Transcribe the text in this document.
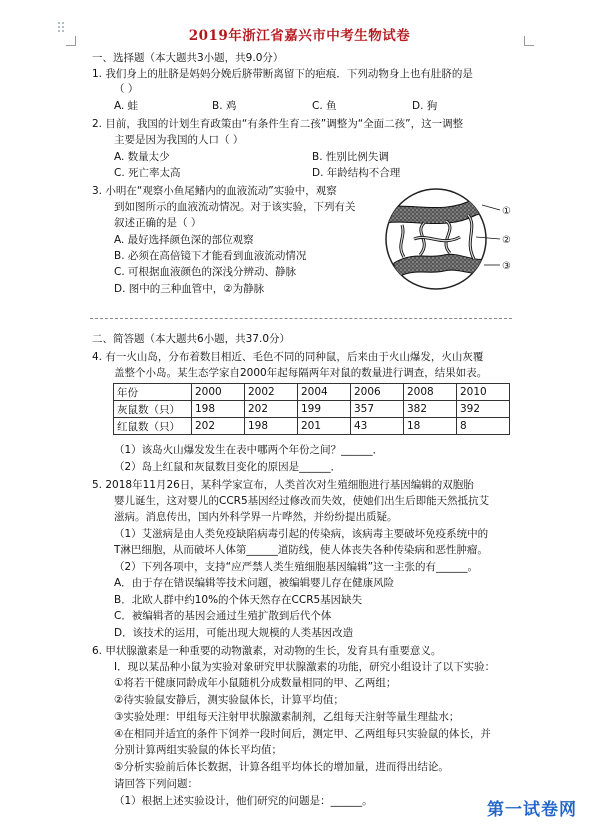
2019年浙江省嘉兴市中考生物试卷
一、选择题（本大题共3小题，共9.0分）
1. 我们身上的肚脐是妈妈分娩后脐带断离留下的疤痕．下列动物身上也有肚脐的是
（ ）
A. 蛙	B. 鸡	C. 鱼	D. 狗
2. 目前，我国的计划生育政策由“有条件生育二孩”调整为“全面二孩”，这一调整
主要是因为我国的人口（ ）
A. 数量太少	B. 性别比例失调
C. 死亡率太高	D. 年龄结构不合理
3. 小明在“观察小鱼尾鳍内的血液流动”实验中，观察
到如图所示的血液流动情况。对于该实验，下列有关
叙述正确的是（ ）
A. 最好选择颜色深的部位观察
B. 必须在高倍镜下才能看到血液流动情况
C. 可根据血液颜色的深浅分辨动、静脉
D. 图中的三种血管中，②为静脉
①
②
③
二、简答题（本大题共6小题，共37.0分）
4. 有一火山岛，分布着数目相近、毛色不同的同种鼠，后来由于火山爆发，火山灰覆
盖整个小岛。某生态学家自2000年起每隔两年对鼠的数量进行调查，结果如表。
年份	2000	2002	2004	2006	2008	2010
灰鼠数（只）	198	202	199	357	382	392
红鼠数（只）	202	198	201	43	18	8
（1）该岛火山爆发发生在表中哪两个年份之间？______．
（2）岛上红鼠和灰鼠数目变化的原因是______．
5. 2018年11月26日，某科学家宣布，人类首次对生殖细胞进行基因编辑的双胞胎
婴儿诞生，这对婴儿的CCR5基因经过修改而失效，使她们出生后即能天然抵抗艾
滋病。消息传出，国内外科学界一片哗然，并纷纷提出质疑。
（1）艾滋病是由人类免疫缺陷病毒引起的传染病，该病毒主要破坏免疫系统中的
T淋巴细胞，从而破坏人体第______道防线，使人体丧失各种传染病和恶性肿瘤。
（2）下列各项中，支持“应严禁人类生殖细胞基因编辑”这一主张的有______。
A．由于存在错误编辑等技术问题，被编辑婴儿存在健康风险
B．北欧人群中约10%的个体天然存在CCR5基因缺失
C．被编辑者的基因会通过生殖扩散到后代个体
D．该技术的运用，可能出现大规模的人类基因改造
6. 甲状腺激素是一种重要的动物激素，对动物的生长，发育具有重要意义。
Ⅰ．现以某品种小鼠为实验对象研究甲状腺激素的功能，研究小组设计了以下实验：
①将若干健康同龄成年小鼠随机分成数量相同的甲、乙两组；
②待实验鼠安静后，测实验鼠体长，计算平均值；
③实验处理：甲组每天注射甲状腺激素制剂，乙组每天注射等量生理盐水；
④在相同并适宜的条件下饲养一段时间后，测定甲、乙两组每只实验鼠的体长，并
分别计算两组实验鼠的体长平均值；
⑤分析实验前后体长数据，计算各组平均体长的增加量，进而得出结论。
请回答下列问题：
（1）根据上述实验设计，他们研究的问题是：______。	第一试卷网
